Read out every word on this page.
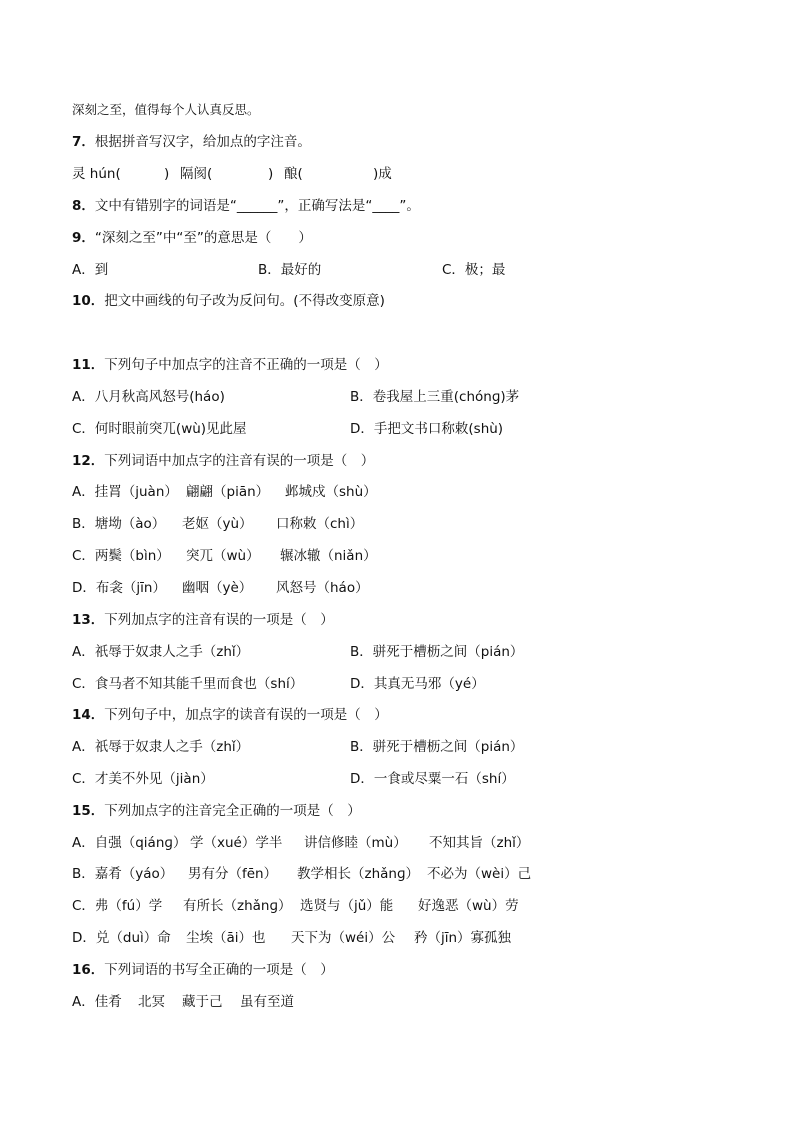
深刻之至，值得每个人认真反思。
7．根据拼音写汉字，给加点的字注音。
灵 hún(	) 隔阂(	) 酿(	)成
8．文中有错别字的词语是“______”，正确写法是“____”。
9．“深刻之至”中“至”的意思是（　　）
A．到	B．最好的	C．极；最
10．把文中画线的句子改为反问句。(不得改变原意)
11．下列句子中加点字的注音不正确的一项是（　）
A．八月秋高风怒号(háo)	B．卷我屋上三重(chónɡ)茅
C．何时眼前突兀(wù)见此屋	D．手把文书口称敕(shù)
12．下列词语中加点字的注音有误的一项是（　）
A．挂罥（juàn） 翩翩（piān） 邺城戍（shù）
B．塘坳（ào） 老妪（yù） 口称敕（chì）
C．两鬓（bìn） 突兀（wù） 辗冰辙（niǎn）
D．布衾（jīn） 幽咽（yè） 风怒号（háo）
13．下列加点字的注音有误的一项是（　）
A．祇辱于奴隶人之手（zhǐ）	B．骈死于槽枥之间（pián）
C．食马者不知其能千里而食也（shí）	D．其真无马邪（yé）
14．下列句子中，加点字的读音有误的一项是（　）
A．祇辱于奴隶人之手（zhǐ）	B．骈死于槽枥之间（pián）
C．才美不外见（jiàn）	D．一食或尽粟一石（shí）
15．下列加点字的注音完全正确的一项是（　）
A．自强（qiánɡ） 学（xué）学半 讲信修睦（mù） 不知其旨（zhǐ）
B．嘉肴（yáo） 男有分（fēn） 教学相长（zhǎnɡ） 不必为（wèi）己
C．弗（fú）学 有所长（zhǎnɡ） 选贤与（jǔ）能 好逸恶（wù）劳
D．兑（duì）命 尘埃（āi）也 天下为（wéi）公 矜（jīn）寡孤独
16．下列词语的书写全正确的一项是（　）
A．佳肴 北冥 藏于己 虽有至道
